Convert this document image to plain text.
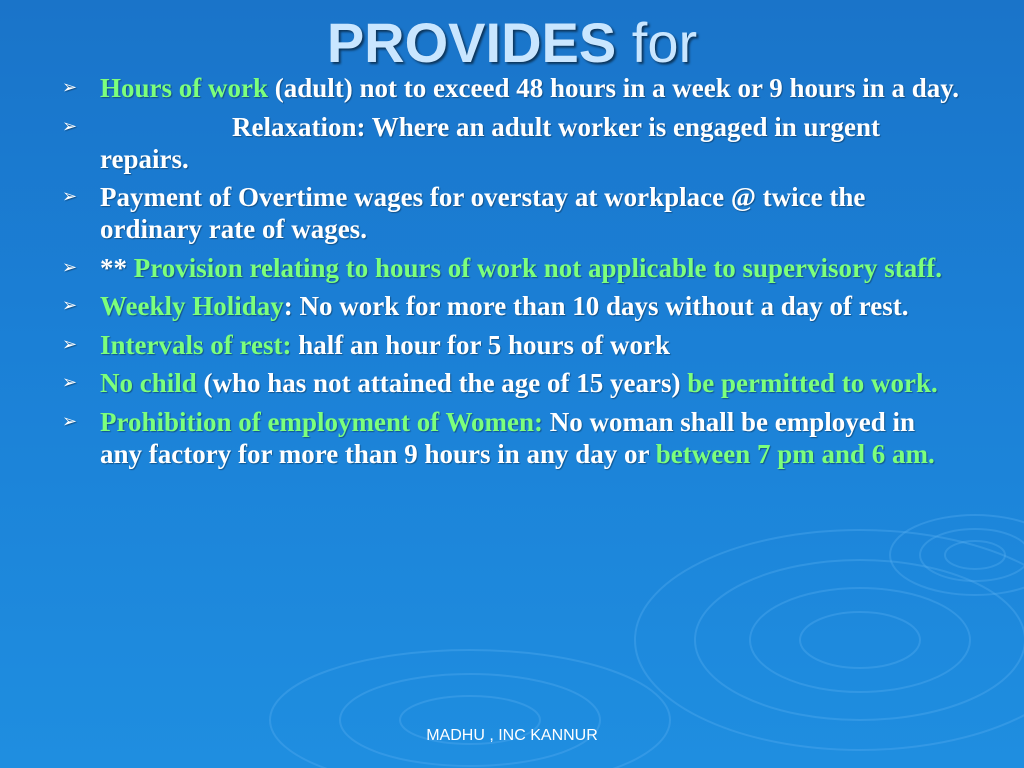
PROVIDES for
➢ Hours of work (adult) not to exceed 48 hours in a week or 9 hours in a day.
➢	Relaxation: Where an adult worker is engaged in urgent repairs.
➢ Payment of Overtime wages for overstay at workplace @ twice the ordinary rate of wages.
➢ ** Provision relating to hours of work not applicable to supervisory staff.
➢ Weekly Holiday: No work for more than 10 days without a day of rest.
➢ Intervals of rest: half an hour for 5 hours of work
➢ No child (who has not attained the age of 15 years) be permitted to work.
➢ Prohibition of employment of Women: No woman shall be employed in any factory for more than 9 hours in any day or between 7 pm and 6 am.
MADHU , INC KANNUR
